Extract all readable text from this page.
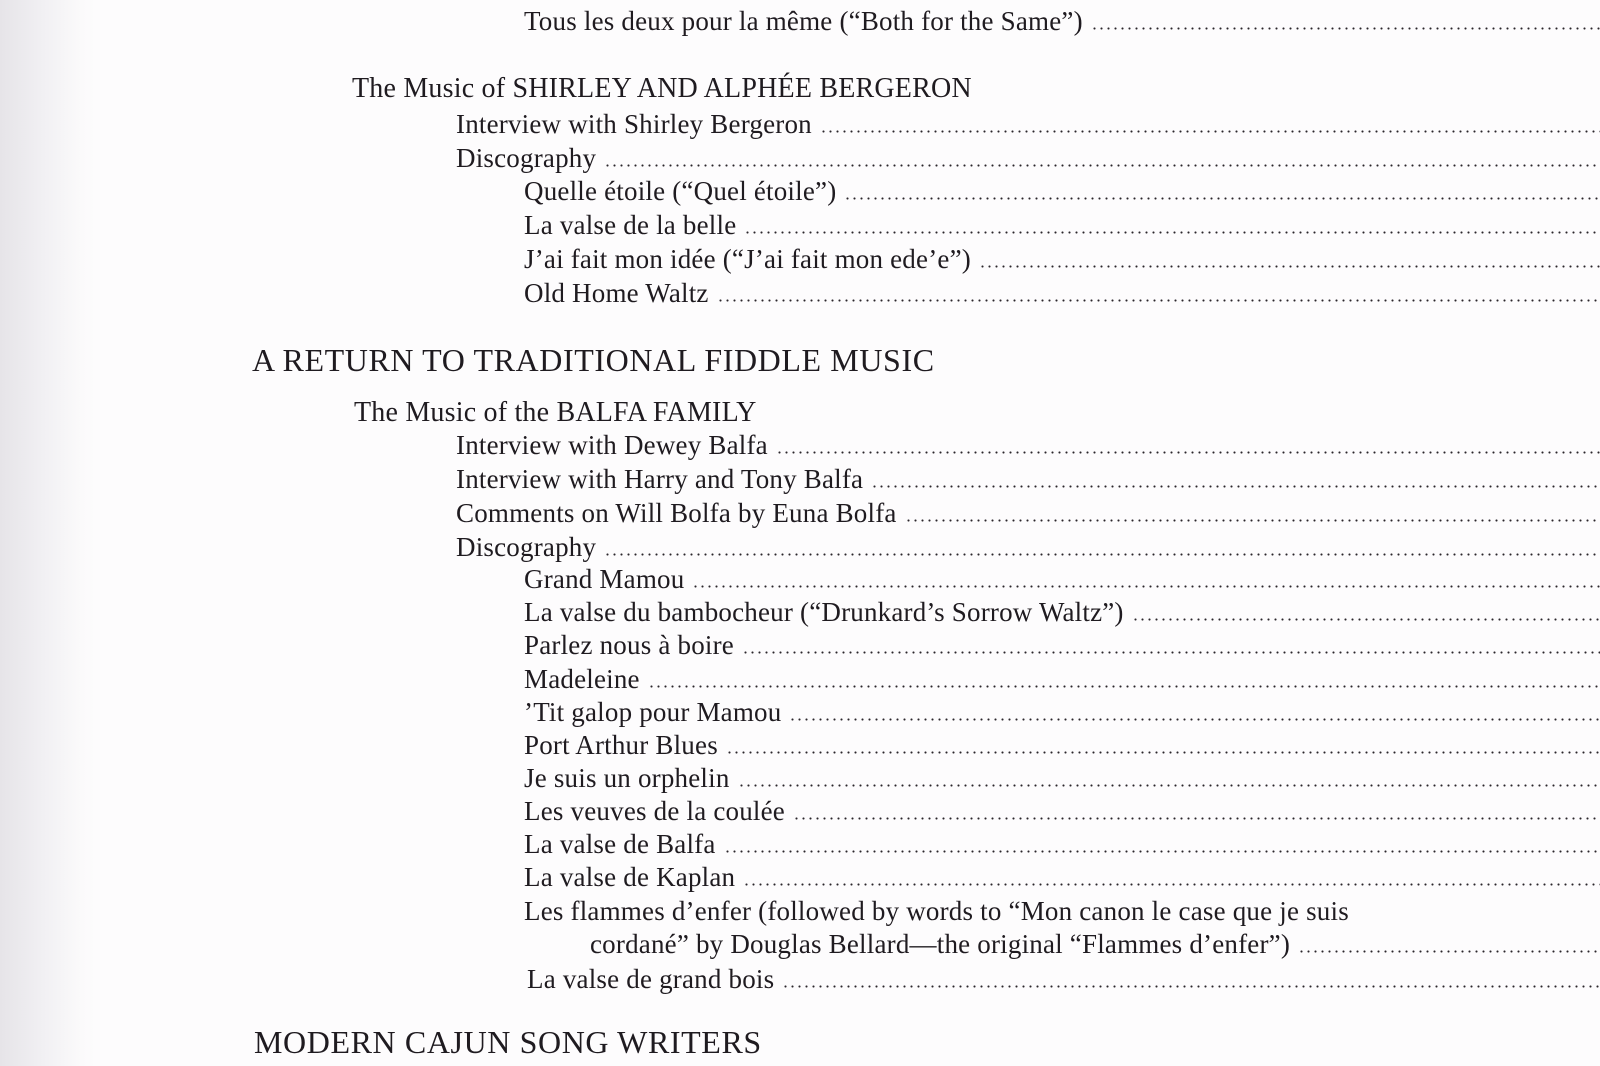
Tous les deux pour la même (“Both for the Same”)
The Music of SHIRLEY AND ALPHÉE BERGERON
Interview with Shirley Bergeron
Discography
Quelle étoile (“Quel étoile”)
La valse de la belle
J’ai fait mon idée (“J’ai fait mon ede’e”)
Old Home Waltz
A RETURN TO TRADITIONAL FIDDLE MUSIC
The Music of the BALFA FAMILY
Interview with Dewey Balfa
Interview with Harry and Tony Balfa
Comments on Will Bolfa by Euna Bolfa
Discography
Grand Mamou
La valse du bambocheur (“Drunkard’s Sorrow Waltz”)
Parlez nous à boire
Madeleine
’Tit galop pour Mamou
Port Arthur Blues
Je suis un orphelin
Les veuves de la coulée
La valse de Balfa
La valse de Kaplan
Les flammes d’enfer (followed by words to “Mon canon le case que je suis
cordané” by Douglas Bellard—the original “Flammes d’enfer”)
La valse de grand bois
MODERN CAJUN SONG WRITERS
